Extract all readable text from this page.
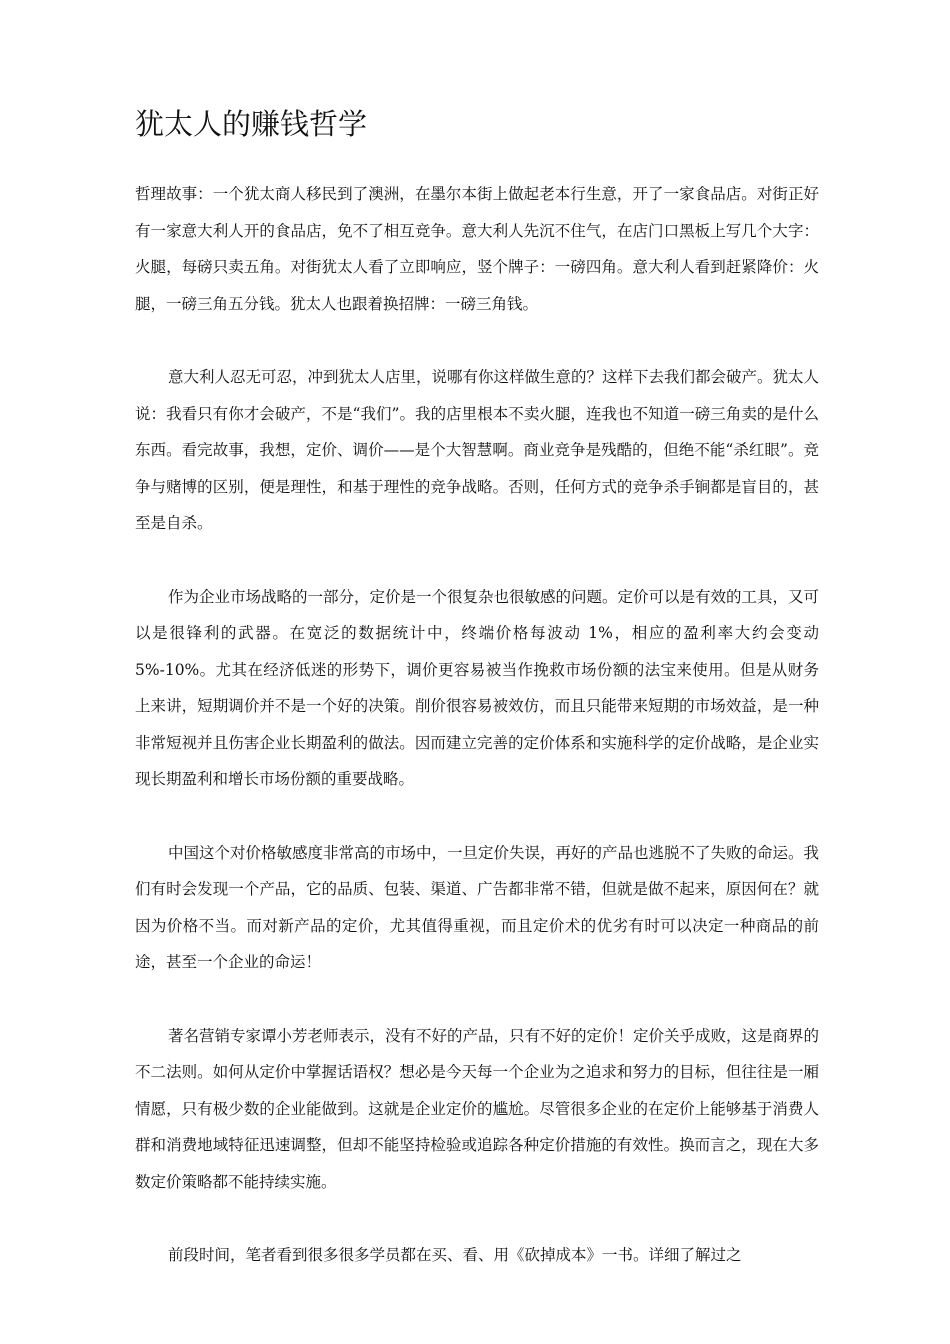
犹太人的赚钱哲学

哲理故事：一个犹太商人移民到了澳洲，在墨尔本街上做起老本行生意，开了一家食品店。对街正好有一家意大利人开的食品店，免不了相互竞争。意大利人先沉不住气，在店门口黑板上写几个大字：火腿，每磅只卖五角。对街犹太人看了立即响应，竖个牌子：一磅四角。意大利人看到赶紧降价：火腿，一磅三角五分钱。犹太人也跟着换招牌：一磅三角钱。

意大利人忍无可忍，冲到犹太人店里，说哪有你这样做生意的？这样下去我们都会破产。犹太人说：我看只有你才会破产，不是“我们”。我的店里根本不卖火腿，连我也不知道一磅三角卖的是什么东西。看完故事，我想，定价、调价——是个大智慧啊。商业竞争是残酷的，但绝不能“杀红眼”。竞争与赌博的区别，便是理性，和基于理性的竞争战略。否则，任何方式的竞争杀手锏都是盲目的，甚至是自杀。

作为企业市场战略的一部分，定价是一个很复杂也很敏感的问题。定价可以是有效的工具，又可以是很锋利的武器。在宽泛的数据统计中，终端价格每波动 1%，相应的盈利率大约会变动 5%-10%。尤其在经济低迷的形势下，调价更容易被当作挽救市场份额的法宝来使用。但是从财务上来讲，短期调价并不是一个好的决策。削价很容易被效仿，而且只能带来短期的市场效益，是一种非常短视并且伤害企业长期盈利的做法。因而建立完善的定价体系和实施科学的定价战略，是企业实现长期盈利和增长市场份额的重要战略。

中国这个对价格敏感度非常高的市场中，一旦定价失误，再好的产品也逃脱不了失败的命运。我们有时会发现一个产品，它的品质、包装、渠道、广告都非常不错，但就是做不起来，原因何在？就因为价格不当。而对新产品的定价，尤其值得重视，而且定价术的优劣有时可以决定一种商品的前途，甚至一个企业的命运！

著名营销专家谭小芳老师表示，没有不好的产品，只有不好的定价！定价关乎成败，这是商界的不二法则。如何从定价中掌握话语权？想必是今天每一个企业为之追求和努力的目标，但往往是一厢情愿，只有极少数的企业能做到。这就是企业定价的尴尬。尽管很多企业的在定价上能够基于消费人群和消费地域特征迅速调整，但却不能坚持检验或追踪各种定价措施的有效性。换而言之，现在大多数定价策略都不能持续实施。

前段时间，笔者看到很多很多学员都在买、看、用《砍掉成本》一书。详细了解过之
